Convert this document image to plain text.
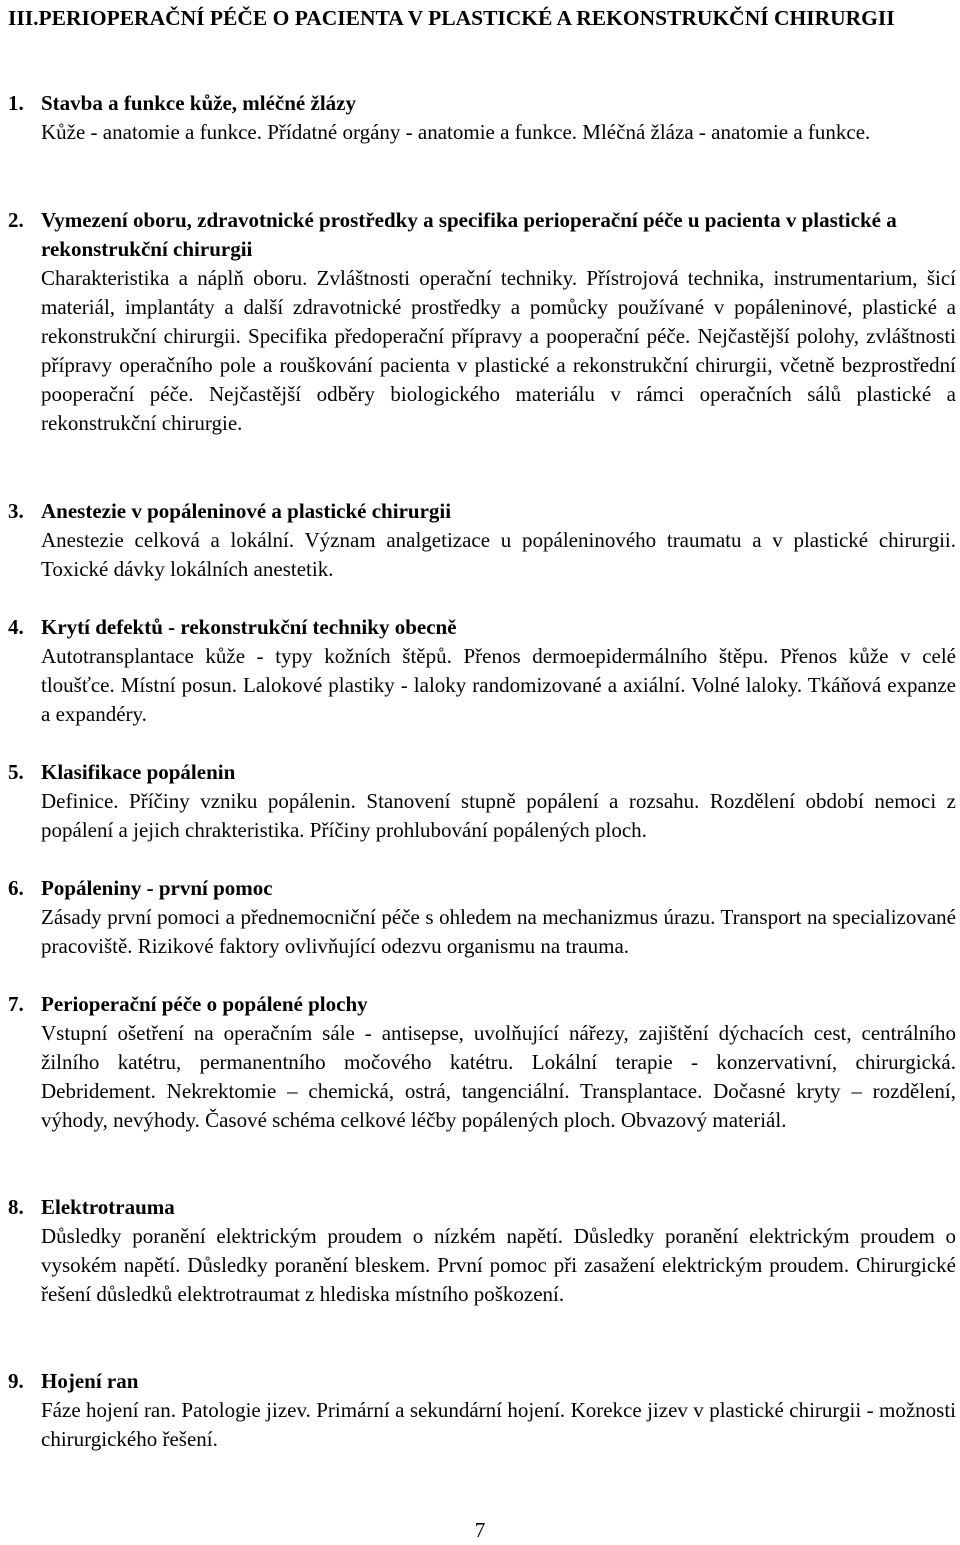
III.PERIOPERAČNÍ PÉČE O PACIENTA V PLASTICKÉ A REKONSTRUKČNÍ CHIRURGII
1. Stavba a funkce kůže, mléčné žlázy
Kůže - anatomie a funkce. Přídatné orgány - anatomie a funkce. Mléčná žláza - anatomie a funkce.
2. Vymezení oboru, zdravotnické prostředky a specifika perioperační péče u pacienta v plastické a rekonstrukční chirurgii
Charakteristika a náplň oboru. Zvláštnosti operační techniky. Přístrojová technika, instrumentarium, šicí materiál, implantáty a další zdravotnické prostředky a pomůcky používané v popáleninové, plastické a rekonstrukční chirurgii. Specifika předoperační přípravy a pooperační péče. Nejčastější polohy, zvláštnosti přípravy operačního pole a rouškování pacienta v plastické a rekonstrukční chirurgii, včetně bezprostřední pooperační péče. Nejčastější odběry biologického materiálu v rámci operačních sálů plastické a rekonstrukční chirurgie.
3. Anestezie v popáleninové a plastické chirurgii
Anestezie celková a lokální. Význam analgetizace u popáleninového traumatu a v plastické chirurgii. Toxické dávky lokálních anestetik.
4. Krytí defektů - rekonstrukční techniky obecně
Autotransplantace kůže - typy kožních štěpů. Přenos dermoepidermálního štěpu. Přenos kůže v celé tloušťce. Místní posun. Lalokové plastiky - laloky randomizované a axiální. Volné laloky. Tkáňová expanze a expandéry.
5. Klasifikace popálenin
Definice. Příčiny vzniku popálenin. Stanovení stupně popálení a rozsahu. Rozdělení období nemoci z popálení a jejich chrakteristika. Příčiny prohlubování popálených ploch.
6. Popáleniny - první pomoc
Zásady první pomoci a přednemocniční péče s ohledem na mechanizmus úrazu. Transport na specializované pracoviště. Rizikové faktory ovlivňující odezvu organismu na trauma.
7. Perioperační péče o popálené plochy
Vstupní ošetření na operačním sále - antisepse, uvolňující nářezy, zajištění dýchacích cest, centrálního žilního katétru, permanentního močového katétru. Lokální terapie - konzervativní, chirurgická. Debridement. Nekrektomie – chemická, ostrá, tangenciální. Transplantace. Dočasné kryty – rozdělení, výhody, nevýhody. Časové schéma celkové léčby popálených ploch. Obvazový materiál.
8. Elektrotrauma
Důsledky poranění elektrickým proudem o nízkém napětí. Důsledky poranění elektrickým proudem o vysokém napětí. Důsledky poranění bleskem. První pomoc při zasažení elektrickým proudem. Chirurgické řešení důsledků elektrotraumat z hlediska místního poškození.
9. Hojení ran
Fáze hojení ran. Patologie jizev. Primární a sekundární hojení. Korekce jizev v plastické chirurgii - možnosti chirurgického řešení.
7
